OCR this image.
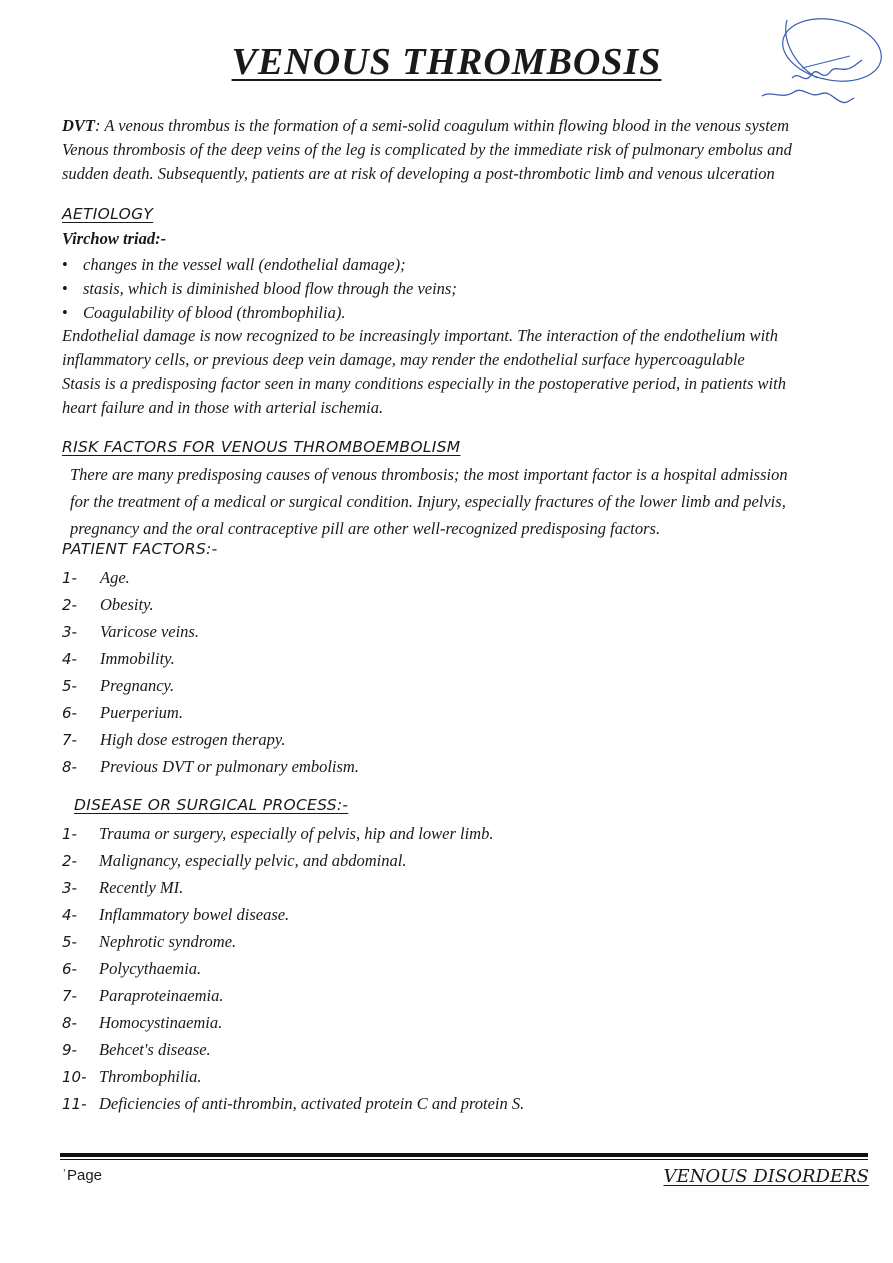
VENOUS THROMBOSIS
DVT: A venous thrombus is the formation of a semi-solid coagulum within flowing blood in the venous system
Venous thrombosis of the deep veins of the leg is complicated by the immediate risk of pulmonary embolus and
sudden death. Subsequently, patients are at risk of developing a post-thrombotic limb and venous ulceration
AETIOLOGY
Virchow triad:-
• changes in the vessel wall (endothelial damage);
• stasis, which is diminished blood flow through the veins;
• Coagulability of blood (thrombophilia).
Endothelial damage is now recognized to be increasingly important. The interaction of the endothelium with
inflammatory cells, or previous deep vein damage, may render the endothelial surface hypercoagulable
Stasis is a predisposing factor seen in many conditions especially in the postoperative period, in patients with
heart failure and in those with arterial ischemia.
RISK FACTORS FOR VENOUS THROMBOEMBOLISM
There are many predisposing causes of venous thrombosis; the most important factor is a hospital admission
for the treatment of a medical or surgical condition. Injury, especially fractures of the lower limb and pelvis,
pregnancy and the oral contraceptive pill are other well-recognized predisposing factors.
PATIENT FACTORS:-
1- Age.
2- Obesity.
3- Varicose veins.
4- Immobility.
5- Pregnancy.
6- Puerperium.
7- High dose estrogen therapy.
8- Previous DVT or pulmonary embolism.
DISEASE OR SURGICAL PROCESS:-
1- Trauma or surgery, especially of pelvis, hip and lower limb.
2- Malignancy, especially pelvic, and abdominal.
3- Recently MI.
4- Inflammatory bowel disease.
5- Nephrotic syndrome.
6- Polycythaemia.
7- Paraproteinaemia.
8- Homocystinaemia.
9- Behcet's disease.
10- Thrombophilia.
11- Deficiencies of anti-thrombin, activated protein C and protein S.
ʾPage	VENOUS DISORDERS
